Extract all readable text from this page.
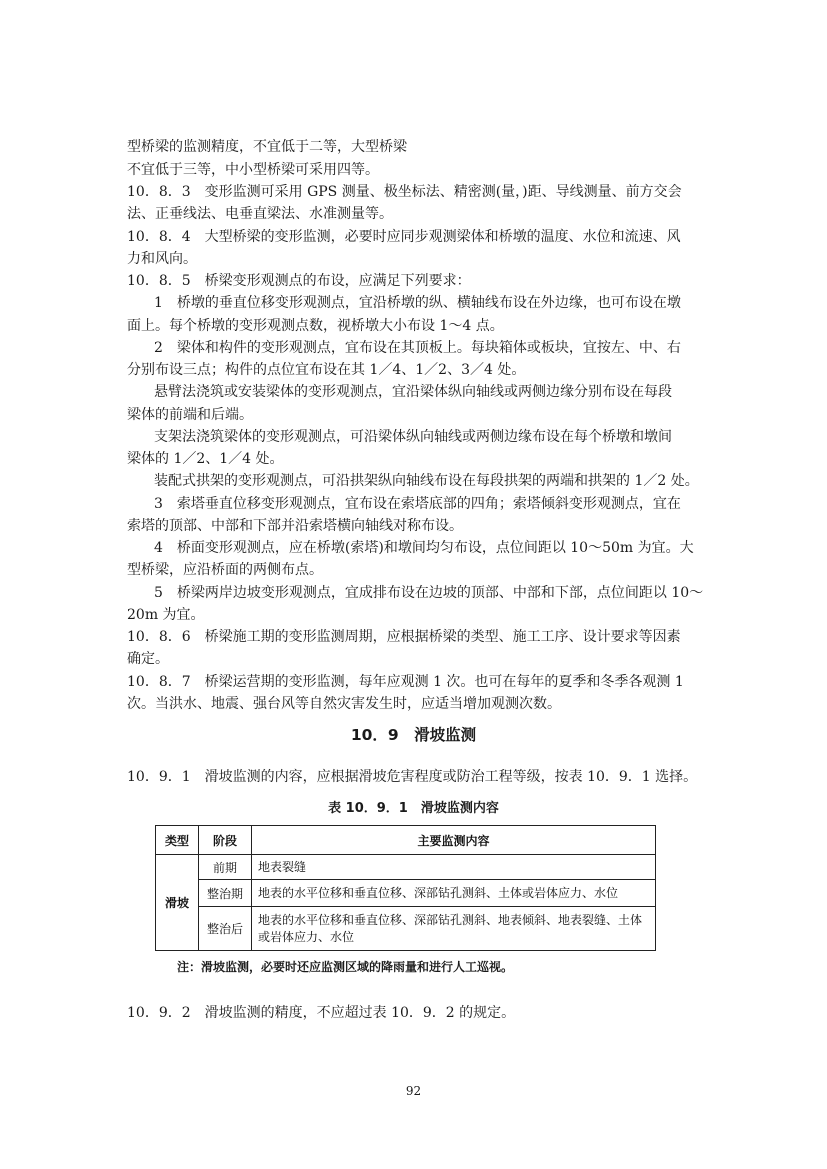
型桥梁的监测精度，不宜低于二等，大型桥梁
不宜低于三等，中小型桥梁可采用四等。
10．8．3　变形监测可采用 GPS 测量、极坐标法、精密测(量，)距、导线测量、前方交会
法、正垂线法、电垂直梁法、水准测量等。
10．8．4　大型桥梁的变形监测，必要时应同步观测梁体和桥墩的温度、水位和流速、风
力和风向。
10．8．5　桥梁变形观测点的布设，应满足下列要求：
1　桥墩的垂直位移变形观测点，宜沿桥墩的纵、横轴线布设在外边缘，也可布设在墩
面上。每个桥墩的变形观测点数，视桥墩大小布设 1～4 点。
2　梁体和构件的变形观测点，宜布设在其顶板上。每块箱体或板块，宜按左、中、右
分别布设三点；构件的点位宜布设在其 1／4、1／2、3／4 处。
悬臂法浇筑或安装梁体的变形观测点，宜沿梁体纵向轴线或两侧边缘分别布设在每段
梁体的前端和后端。
支架法浇筑梁体的变形观测点，可沿梁体纵向轴线或两侧边缘布设在每个桥墩和墩间
梁体的 1／2、1／4 处。
装配式拱架的变形观测点，可沿拱架纵向轴线布设在每段拱架的两端和拱架的 1／2 处。
3　索塔垂直位移变形观测点，宜布设在索塔底部的四角；索塔倾斜变形观测点，宜在
索塔的顶部、中部和下部并沿索塔横向轴线对称布设。
4　桥面变形观测点，应在桥墩(索塔)和墩间均匀布设，点位间距以 10～50m 为宜。大
型桥梁，应沿桥面的两侧布点。
5　桥梁两岸边坡变形观测点，宜成排布设在边坡的顶部、中部和下部，点位间距以 10～
20m 为宜。
10．8．6　桥梁施工期的变形监测周期，应根据桥梁的类型、施工工序、设计要求等因素
确定。
10．8．7　桥梁运营期的变形监测，每年应观测 1 次。也可在每年的夏季和冬季各观测 1
次。当洪水、地震、强台风等自然灾害发生时，应适当增加观测次数。
10．9　滑坡监测
10．9．1　滑坡监测的内容，应根据滑坡危害程度或防治工程等级，按表 10．9．1 选择。
表 10．9．1　滑坡监测内容
类型	阶段	主要监测内容
滑坡	前期	地表裂缝
	整治期	地表的水平位移和垂直位移、深部钻孔测斜、土体或岩体应力、水位
	整治后	地表的水平位移和垂直位移、深部钻孔测斜、地表倾斜、地表裂缝、土体或岩体应力、水位
注：滑坡监测，必要时还应监测区域的降雨量和进行人工巡视。
10．9．2　滑坡监测的精度，不应超过表 10．9．2 的规定。
92
